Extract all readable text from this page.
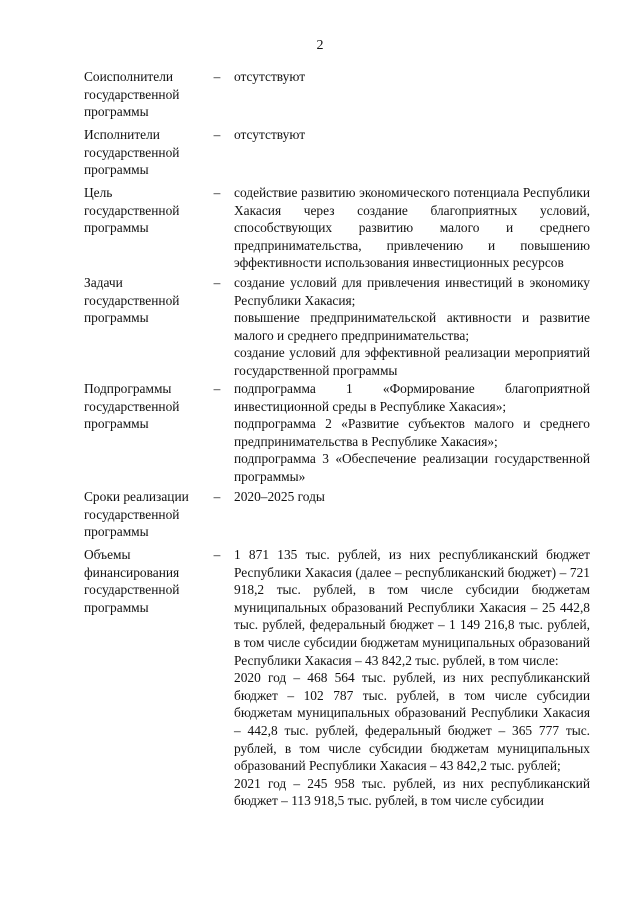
2
Соисполнители
государственной
программы
– отсутствуют

Исполнители
государственной
программы
– отсутствуют

Цель
государственной
программы
– содействие развитию экономического потенциала Республики Хакасия через создание благоприятных условий, способствующих развитию малого и среднего предпринимательства, привлечению и повышению эффективности использования инвестиционных ресурсов

Задачи
государственной
программы
– создание условий для привлечения инвестиций в экономику Республики Хакасия;

повышение предпринимательской активности и развитие малого и среднего предпринимательства;

создание условий для эффективной реализации мероприятий государственной программы

Подпрограммы
государственной
программы
– подпрограмма 1 «Формирование благоприятной инвестиционной среды в Республике Хакасия»;

подпрограмма 2 «Развитие субъектов малого и среднего предпринимательства в Республике Хакасия»;

подпрограмма 3 «Обеспечение реализации государственной программы»

Сроки реализации
государственной
программы
– 2020–2025 годы

Объемы
финансирования
государственной
программы
– 1 871 135 тыс. рублей, из них республиканский бюджет Республики Хакасия (далее – республиканский бюджет) – 721 918,2 тыс. рублей, в том числе субсидии бюджетам муниципальных образований Республики Хакасия – 25 442,8 тыс. рублей, федеральный бюджет – 1 149 216,8 тыс. рублей, в том числе субсидии бюджетам муниципальных образований Республики Хакасия – 43 842,2 тыс. рублей, в том числе:

2020 год – 468 564 тыс. рублей, из них республиканский бюджет – 102 787 тыс. рублей, в том числе субсидии бюджетам муниципальных образований Республики Хакасия – 442,8 тыс. рублей, федеральный бюджет – 365 777 тыс. рублей, в том числе субсидии бюджетам муниципальных образований Республики Хакасия – 43 842,2 тыс. рублей;

2021 год – 245 958 тыс. рублей, из них республиканский бюджет – 113 918,5 тыс. рублей, в том числе субсидии
